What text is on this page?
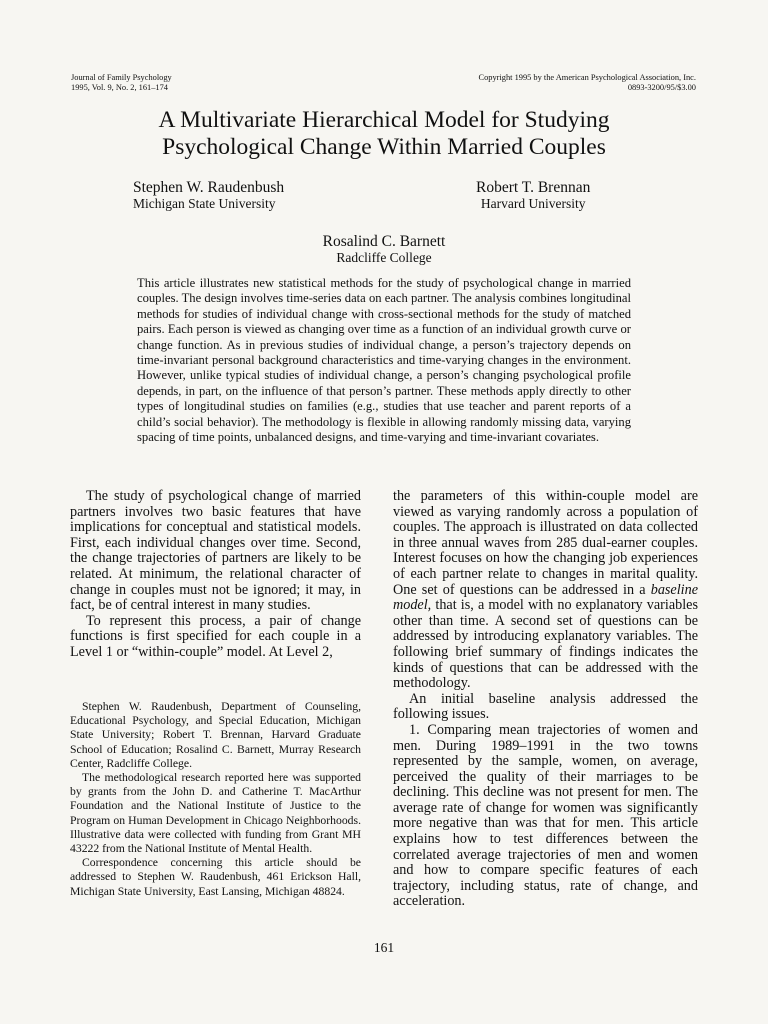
Journal of Family Psychology
1995, Vol. 9, No. 2, 161–174
Copyright 1995 by the American Psychological Association, Inc.
0893-3200/95/$3.00
A Multivariate Hierarchical Model for Studying
Psychological Change Within Married Couples
Stephen W. Raudenbush
Michigan State University
Robert T. Brennan
Harvard University
Rosalind C. Barnett
Radcliffe College
This article illustrates new statistical methods for the study of psychological change in married couples. The design involves time-series data on each partner. The analysis combines longitudinal methods for studies of individual change with cross-sectional methods for the study of matched pairs. Each person is viewed as changing over time as a function of an individual growth curve or change function. As in previous studies of individual change, a person’s trajectory depends on time-invariant personal background characteristics and time-varying changes in the environment. However, unlike typical studies of individual change, a person’s changing psychological profile depends, in part, on the influence of that person’s partner. These methods apply directly to other types of longitudinal studies on families (e.g., studies that use teacher and parent reports of a child’s social behavior). The methodology is flexible in allowing randomly missing data, varying spacing of time points, unbalanced designs, and time-varying and time-invariant covariates.

The study of psychological change of married partners involves two basic features that have implications for conceptual and statistical models. First, each individual changes over time. Second, the change trajectories of partners are likely to be related. At minimum, the relational character of change in couples must not be ignored; it may, in fact, be of central interest in many studies.

To represent this process, a pair of change functions is first specified for each couple in a Level 1 or “within-couple” model. At Level 2,

Stephen W. Raudenbush, Department of Counseling, Educational Psychology, and Special Education, Michigan State University; Robert T. Brennan, Harvard Graduate School of Education; Rosalind C. Barnett, Murray Research Center, Radcliffe College.

The methodological research reported here was supported by grants from the John D. and Catherine T. MacArthur Foundation and the National Institute of Justice to the Program on Human Development in Chicago Neighborhoods. Illustrative data were collected with funding from Grant MH 43222 from the National Institute of Mental Health.

Correspondence concerning this article should be addressed to Stephen W. Raudenbush, 461 Erickson Hall, Michigan State University, East Lansing, Michigan 48824.

the parameters of this within-couple model are viewed as varying randomly across a population of couples. The approach is illustrated on data collected in three annual waves from 285 dual-earner couples. Interest focuses on how the changing job experiences of each partner relate to changes in marital quality. One set of questions can be addressed in a baseline model, that is, a model with no explanatory variables other than time. A second set of questions can be addressed by introducing explanatory variables. The following brief summary of findings indicates the kinds of questions that can be addressed with the methodology.

An initial baseline analysis addressed the following issues.

1. Comparing mean trajectories of women and men. During 1989–1991 in the two towns represented by the sample, women, on average, perceived the quality of their marriages to be declining. This decline was not present for men. The average rate of change for women was significantly more negative than was that for men. This article explains how to test differences between the correlated average trajectories of men and women and how to compare specific features of each trajectory, including status, rate of change, and acceleration.

161
